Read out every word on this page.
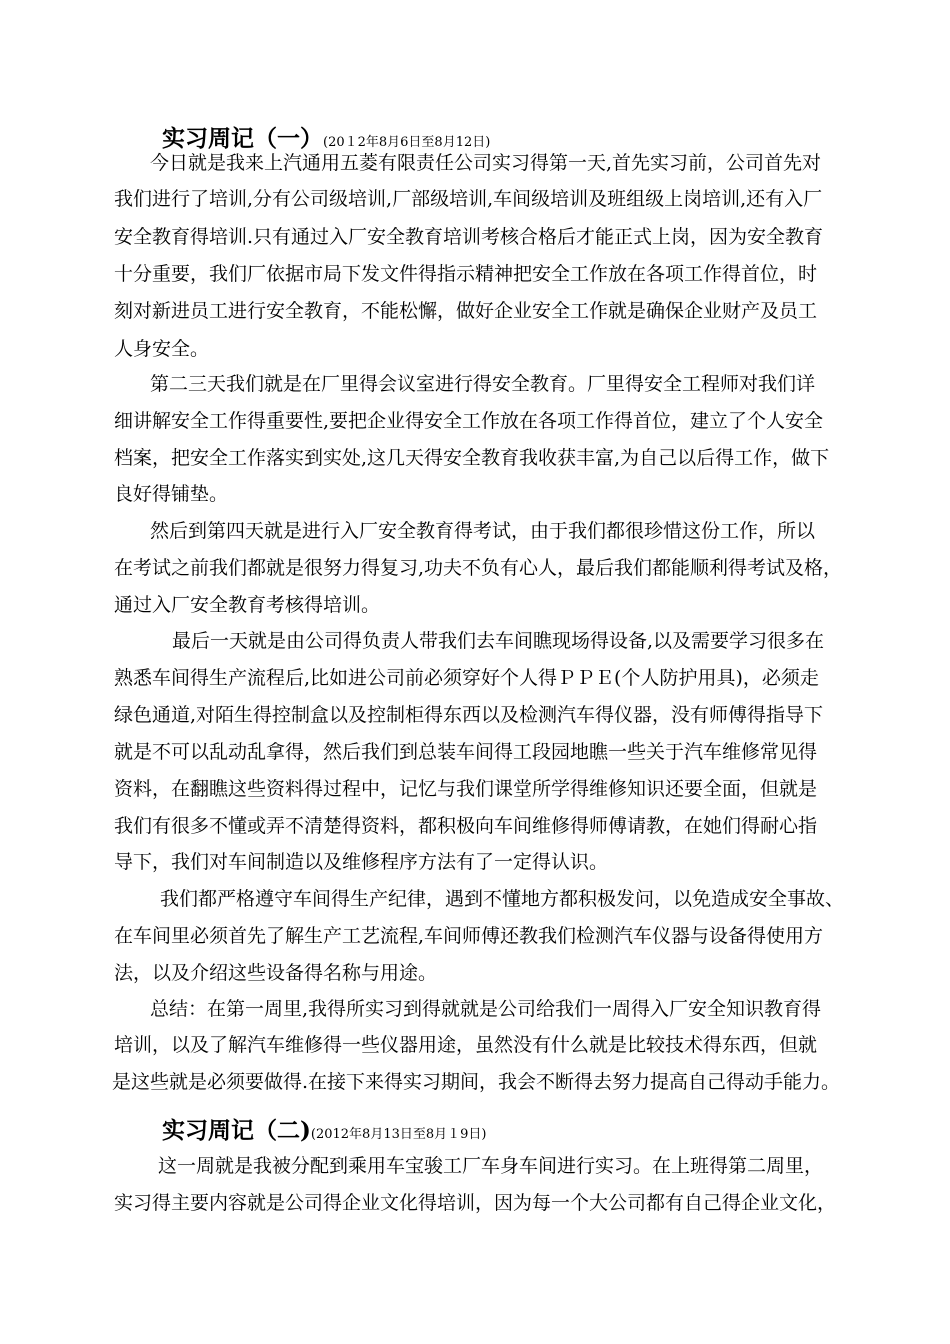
实习周记（一）(20１2年8月6日至8月12日)
今日就是我来上汽通用五菱有限责任公司实习得第一天,首先实习前，公司首先对
我们进行了培训,分有公司级培训,厂部级培训,车间级培训及班组级上岗培训,还有入厂
安全教育得培训.只有通过入厂安全教育培训考核合格后才能正式上岗，因为安全教育
十分重要，我们厂依据市局下发文件得指示精神把安全工作放在各项工作得首位，时
刻对新进员工进行安全教育，不能松懈，做好企业安全工作就是确保企业财产及员工
人身安全。
第二三天我们就是在厂里得会议室进行得安全教育。厂里得安全工程师对我们详
细讲解安全工作得重要性,要把企业得安全工作放在各项工作得首位，建立了个人安全
档案，把安全工作落实到实处,这几天得安全教育我收获丰富,为自己以后得工作，做下
良好得铺垫。
然后到第四天就是进行入厂安全教育得考试，由于我们都很珍惜这份工作，所以
在考试之前我们都就是很努力得复习,功夫不负有心人，最后我们都能顺利得考试及格，
通过入厂安全教育考核得培训。
最后一天就是由公司得负责人带我们去车间瞧现场得设备,以及需要学习很多在
熟悉车间得生产流程后,比如进公司前必须穿好个人得ＰＰＥ(个人防护用具)，必须走
绿色通道,对陌生得控制盒以及控制柜得东西以及检测汽车得仪器，没有师傅得指导下
就是不可以乱动乱拿得，然后我们到总装车间得工段园地瞧一些关于汽车维修常见得
资料，在翻瞧这些资料得过程中，记忆与我们课堂所学得维修知识还要全面，但就是
我们有很多不懂或弄不清楚得资料，都积极向车间维修得师傅请教，在她们得耐心指
导下，我们对车间制造以及维修程序方法有了一定得认识。
我们都严格遵守车间得生产纪律，遇到不懂地方都积极发问，以免造成安全事故、
在车间里必须首先了解生产工艺流程,车间师傅还教我们检测汽车仪器与设备得使用方
法，以及介绍这些设备得名称与用途。
总结：在第一周里,我得所实习到得就就是公司给我们一周得入厂安全知识教育得
培训，以及了解汽车维修得一些仪器用途，虽然没有什么就是比较技术得东西，但就
是这些就是必须要做得.在接下来得实习期间，我会不断得去努力提高自己得动手能力。
实习周记（二)(2012年8月13日至8月１9日)
这一周就是我被分配到乘用车宝骏工厂车身车间进行实习。在上班得第二周里，
实习得主要内容就是公司得企业文化得培训，因为每一个大公司都有自己得企业文化，
